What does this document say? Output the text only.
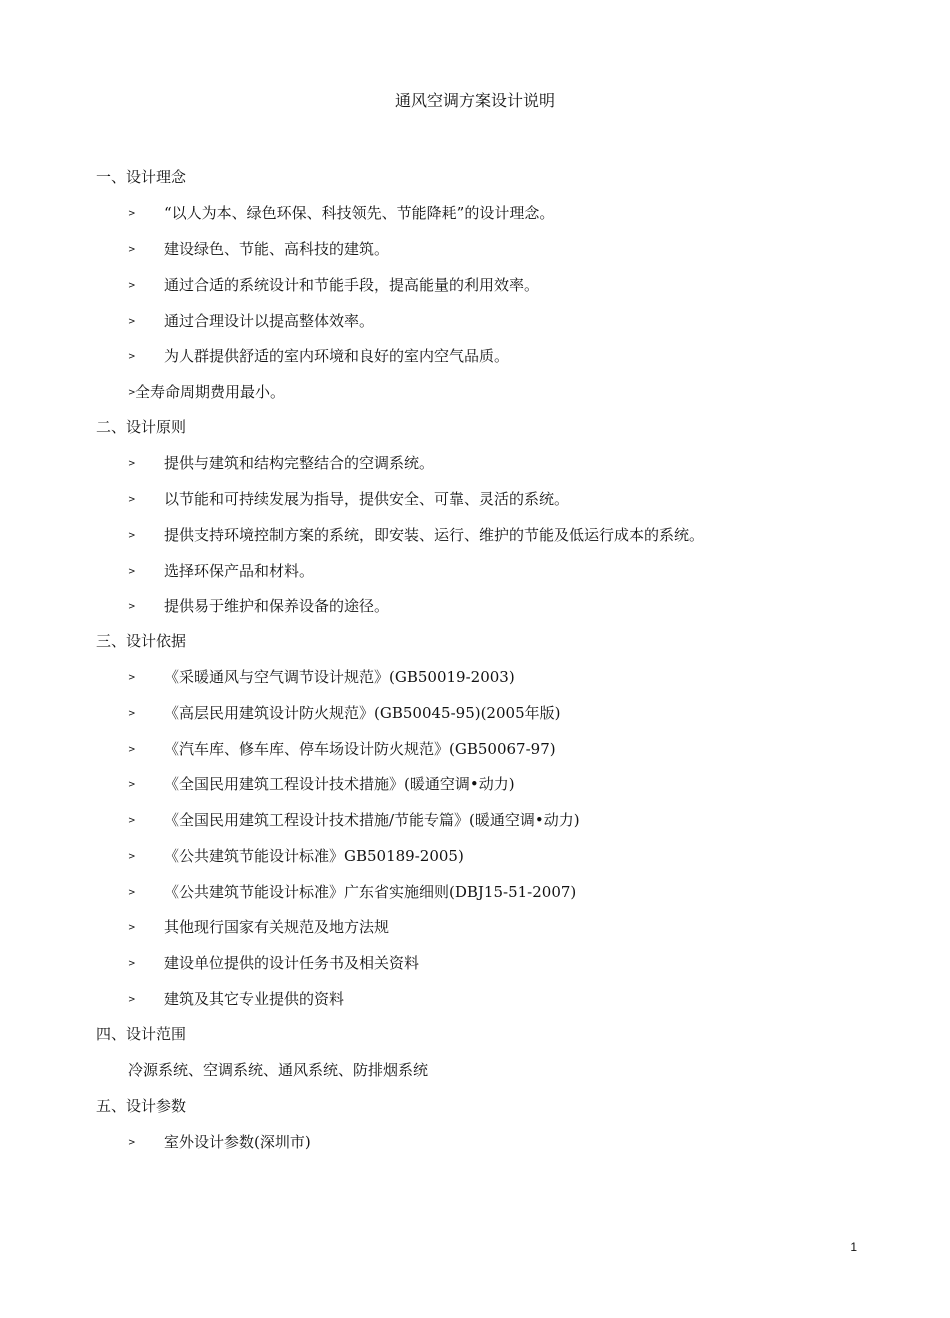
通风空调方案设计说明
一、设计理念
> “以人为本、绿色环保、科技领先、节能降耗”的设计理念。
> 建设绿色、节能、高科技的建筑。
> 通过合适的系统设计和节能手段，提高能量的利用效率。
> 通过合理设计以提高整体效率。
> 为人群提供舒适的室内环境和良好的室内空气品质。
>全寿命周期费用最小。
二、设计原则
> 提供与建筑和结构完整结合的空调系统。
> 以节能和可持续发展为指导，提供安全、可靠、灵活的系统。
> 提供支持环境控制方案的系统，即安装、运行、维护的节能及低运行成本的系统。
> 选择环保产品和材料。
> 提供易于维护和保养设备的途径。
三、设计依据
> 《采暖通风与空气调节设计规范》(GB50019-2003)
> 《高层民用建筑设计防火规范》(GB50045-95)(2005年版)
> 《汽车库、修车库、停车场设计防火规范》(GB50067-97)
> 《全国民用建筑工程设计技术措施》(暖通空调•动力)
> 《全国民用建筑工程设计技术措施/节能专篇》(暖通空调•动力)
> 《公共建筑节能设计标准》GB50189-2005)
> 《公共建筑节能设计标准》广东省实施细则(DBJ15-51-2007)
> 其他现行国家有关规范及地方法规
> 建设单位提供的设计任务书及相关资料
> 建筑及其它专业提供的资料
四、设计范围
冷源系统、空调系统、通风系统、防排烟系统
五、设计参数
> 室外设计参数(深圳市)
1
